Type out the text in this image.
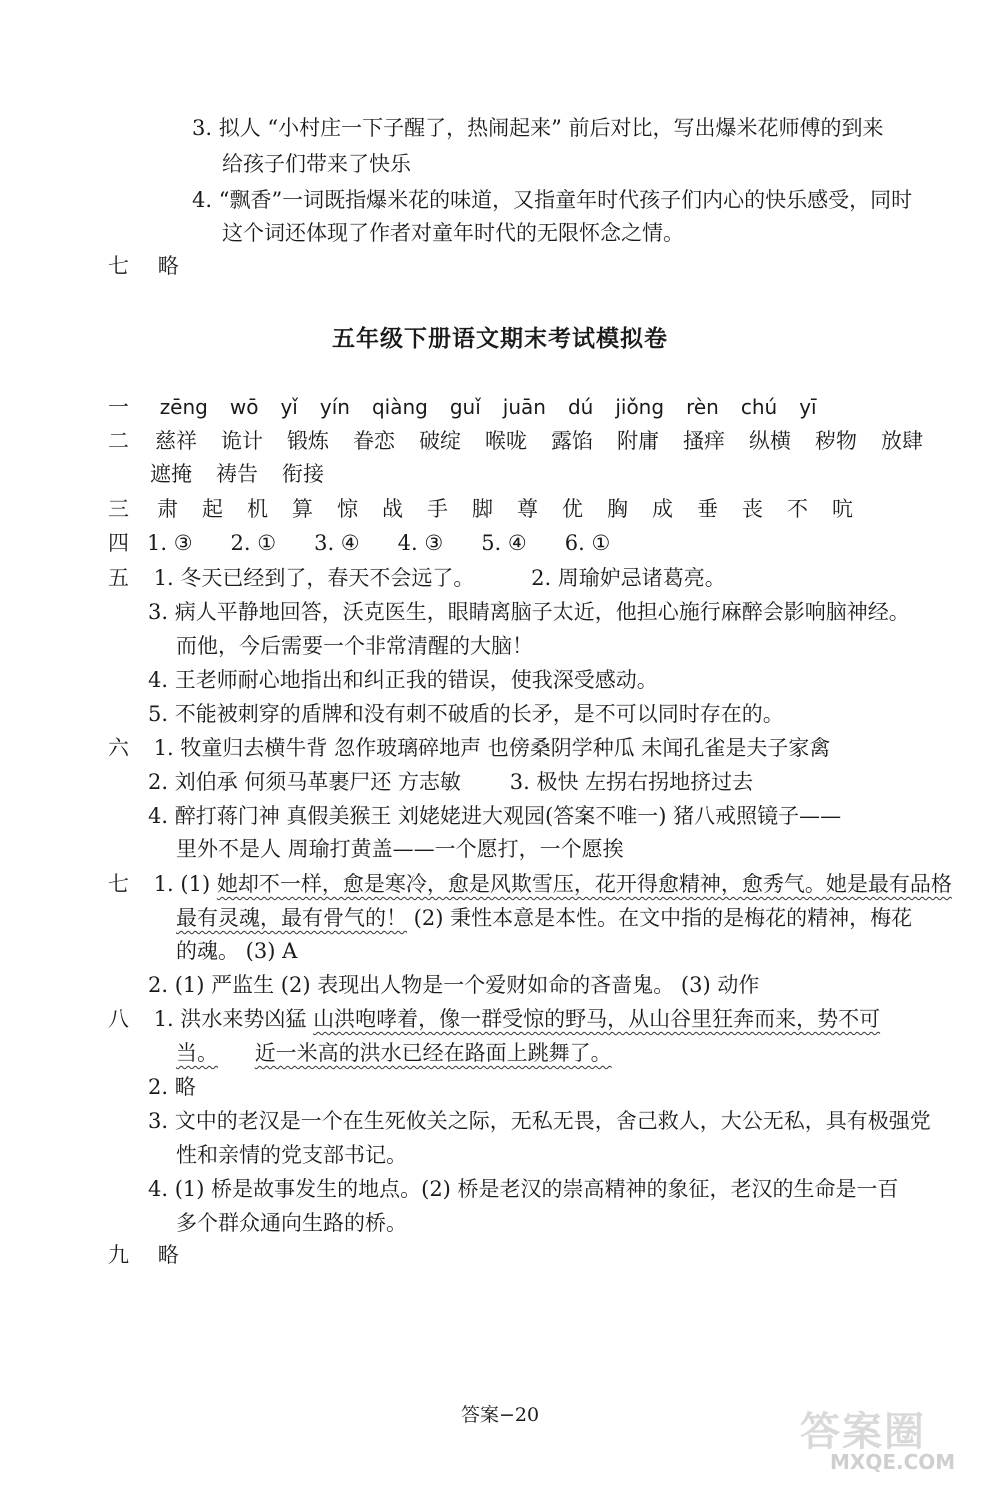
3. 拟人 “小村庄一下子醒了，热闹起来” 前后对比，写出爆米花师傅的到来
给孩子们带来了快乐
4. “飘香”一词既指爆米花的味道，又指童年时代孩子们内心的快乐感受，同时
这个词还体现了作者对童年时代的无限怀念之情。
七 略
五年级下册语文期末考试模拟卷
一 zēng wō yǐ yín qiàng guǐ juān dú jiǒng rèn chú yī
二 慈祥 诡计 锻炼 眷恋 破绽 喉咙 露馅 附庸 搔痒 纵横 秽物 放肆
遮掩 祷告 衔接
三 肃 起 机 算 惊 战 手 脚 尊 优 胸 成 垂 丧 不 吭
四 1. ③ 2. ① 3. ④ 4. ③ 5. ④ 6. ①
五 1. 冬天已经到了，春天不会远了。	2. 周瑜妒忌诸葛亮。
3. 病人平静地回答，沃克医生，眼睛离脑子太近，他担心施行麻醉会影响脑神经。
而他，今后需要一个非常清醒的大脑！
4. 王老师耐心地指出和纠正我的错误，使我深受感动。
5. 不能被刺穿的盾牌和没有刺不破盾的长矛，是不可以同时存在的。
六 1. 牧童归去横牛背 忽作玻璃碎地声 也傍桑阴学种瓜 未闻孔雀是夫子家禽
2. 刘伯承 何须马革裹尸还 方志敏 3. 极快 左拐右拐地挤过去
4. 醉打蒋门神 真假美猴王 刘姥姥进大观园(答案不唯一) 猪八戒照镜子——
里外不是人 周瑜打黄盖——一个愿打，一个愿挨
七 1. (1) 她却不一样，愈是寒冷，愈是风欺雪压，花开得愈精神，愈秀气。她是最有品格
最有灵魂，最有骨气的！ (2) 秉性本意是本性。在文中指的是梅花的精神，梅花
的魂。 (3) A
2. (1) 严监生 (2) 表现出人物是一个爱财如命的吝啬鬼。 (3) 动作
八 1. 洪水来势凶猛 山洪咆哮着，像一群受惊的野马，从山谷里狂奔而来，势不可
当。 近一米高的洪水已经在路面上跳舞了。
2. 略
3. 文中的老汉是一个在生死攸关之际，无私无畏，舍己救人，大公无私，具有极强党
性和亲情的党支部书记。
4. (1) 桥是故事发生的地点。(2) 桥是老汉的崇高精神的象征，老汉的生命是一百
多个群众通向生路的桥。
九 略
答案−20	答案圈
MXQE.COM
